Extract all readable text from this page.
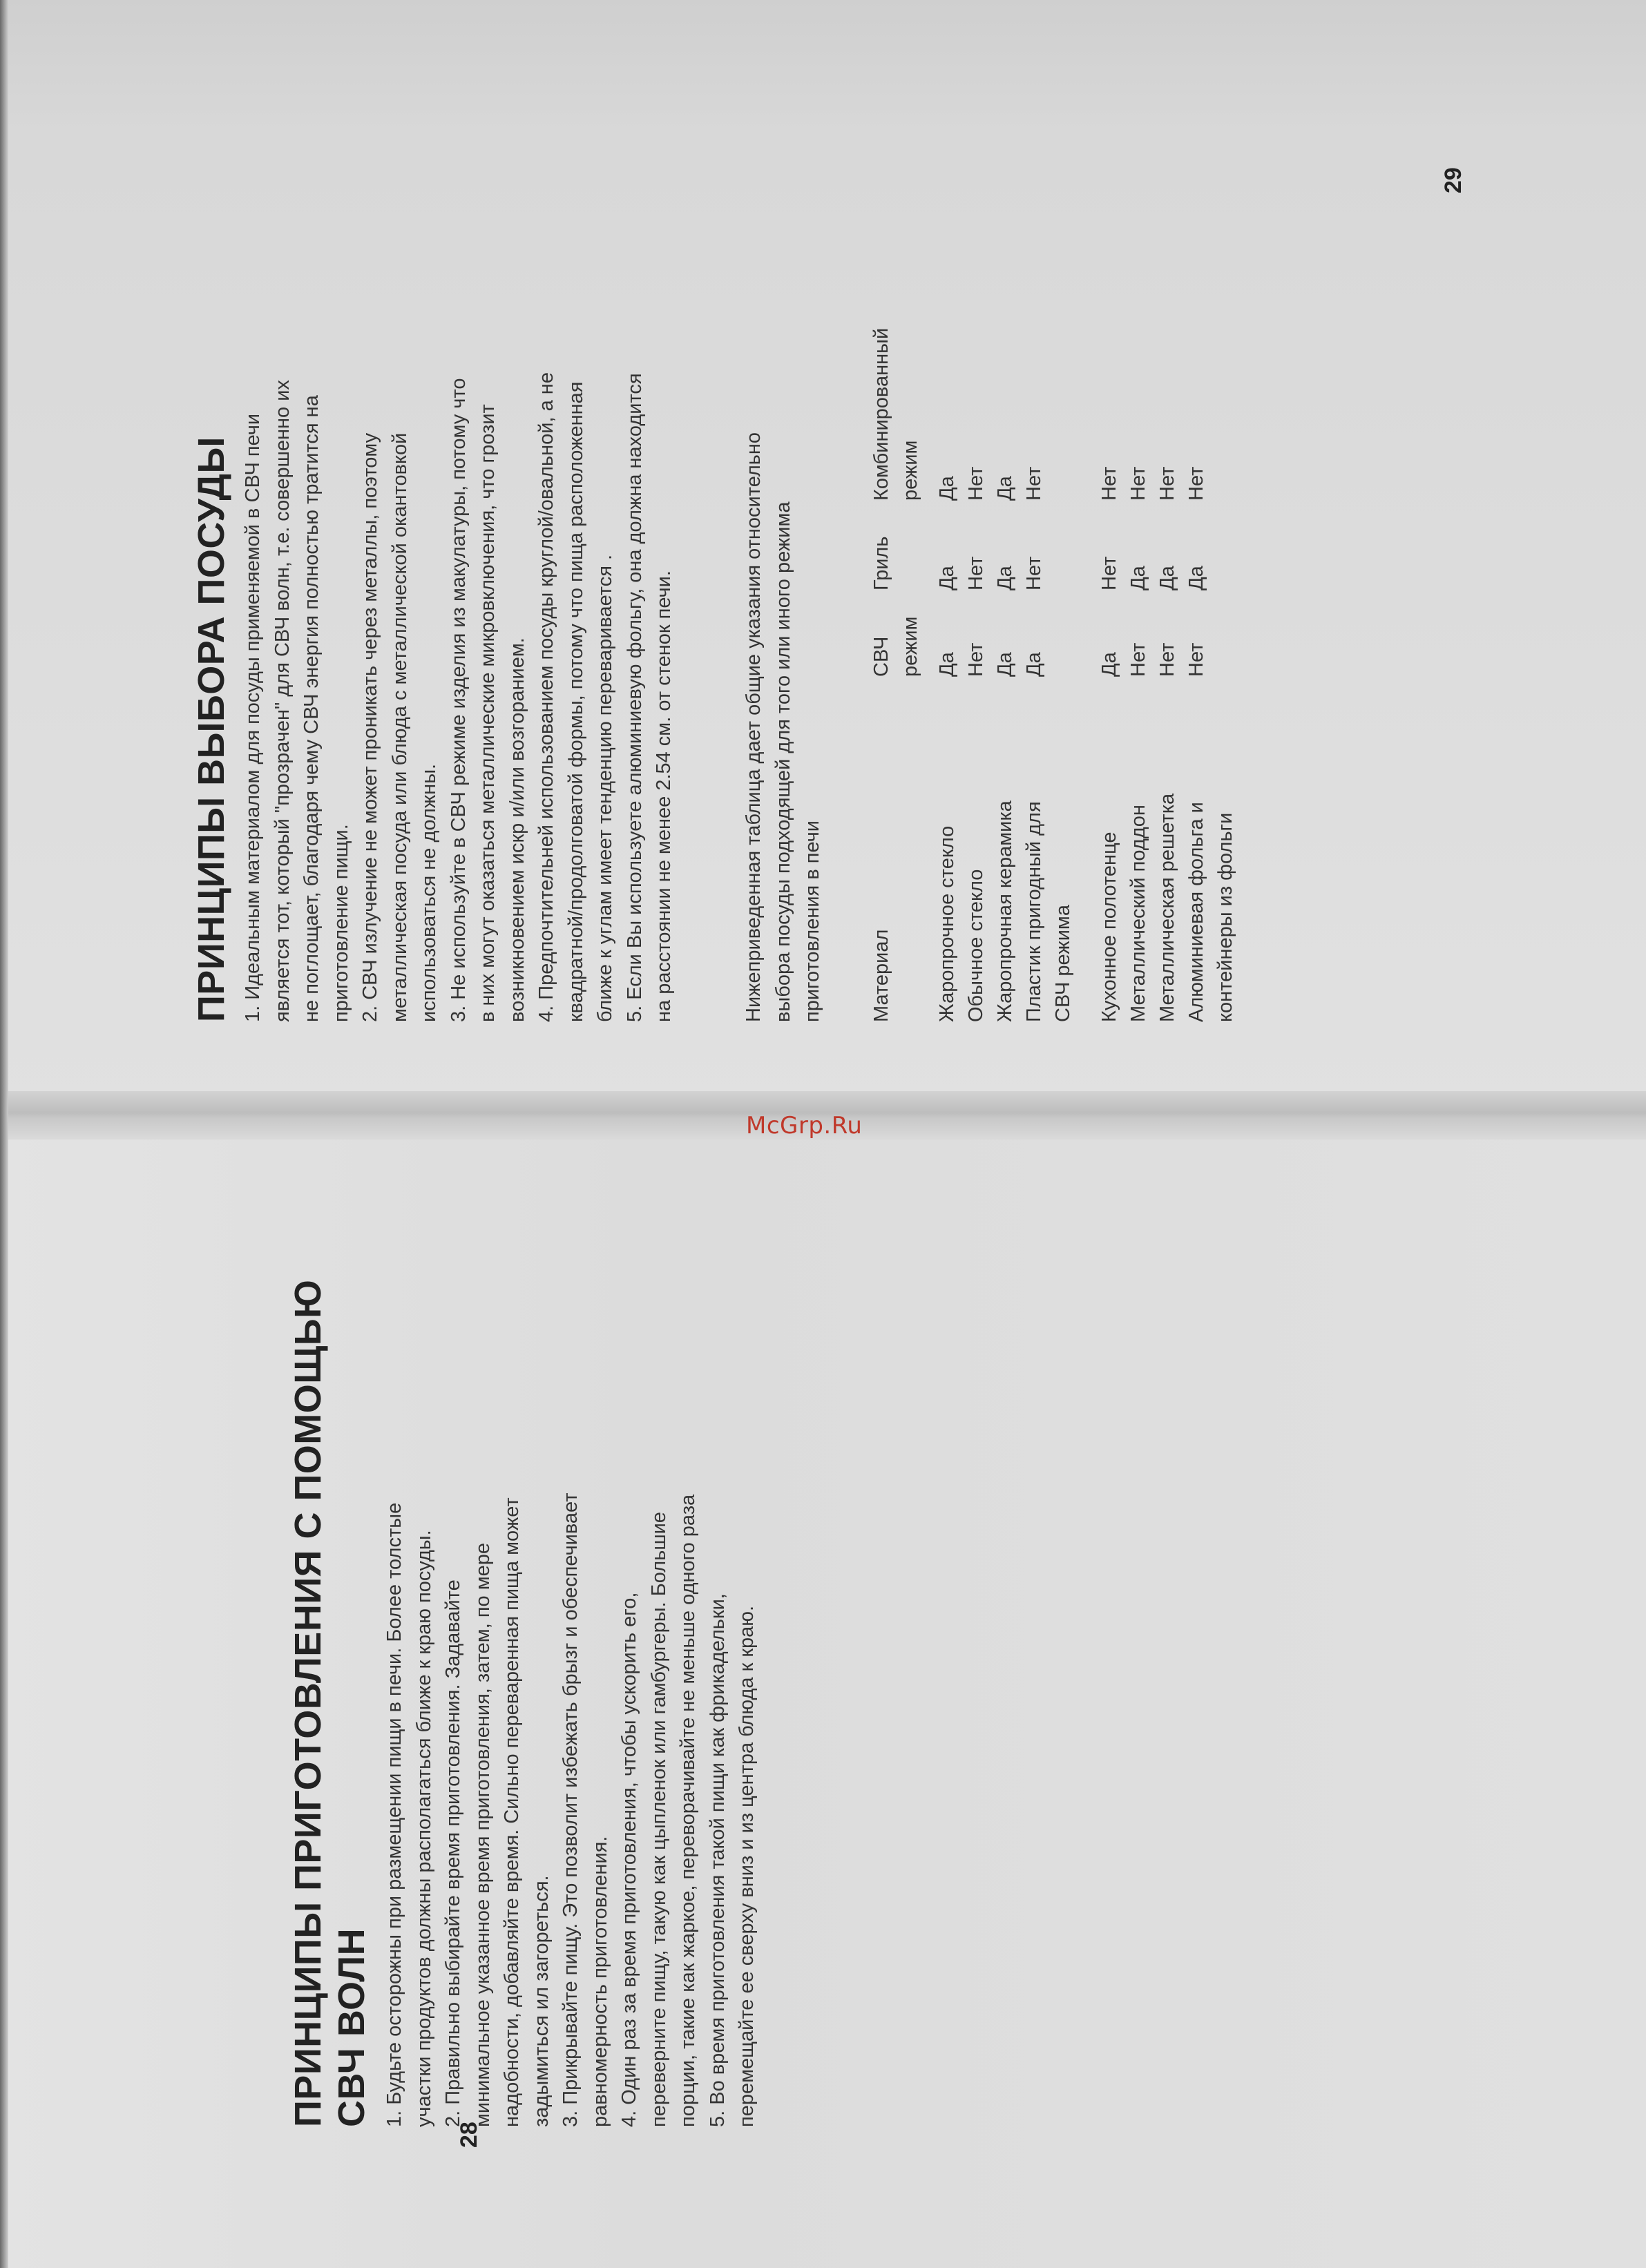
ПРИНЦИПЫ ВЫБОРА ПОСУДЫ 1. Идеальным материалом для посуды применяемой в СВЧ печи является тот, который "прозрачен" для СВЧ волн, т.е. совершенно их не поглощает, благодаря чему СВЧ энергия полностью тратится на приготовление пищи. 2. СВЧ излучение не может проникать через металлы, поэтому металлическая посуда или блюда с металлической окантовкой использоваться не должны. 3. Не используйте в СВЧ режиме изделия из макулатуры, потому что в них могут оказаться металлические микровключения, что грозит возникновением искр и/или возгоранием. 4. Предпочтительней использованием посуды круглой/овальной, а не квадратной/продолговатой формы, потому что пища расположенная ближе к углам имеет тенденцию переваривается . 5. Если Вы используете алюминиевую фольгу, она должна находится на расстоянии не менее 2.54 см. от стенок печи.	Нижеприведенная таблица дает общие указания относительно выбора посуды подходящей для того или иного режима приготовления в печи Материал
СВЧ режим
Гриль
Комбинированный режим
Жаропрочное стекло
Да
Да
Да
Обычное стекло
Нет
Нет
Нет
Жаропрочная керамика
Да
Да
Да
Пластик пригодный для
Да
Нет
Нет
СВЧ режима Кухонное полотенце
Да
Нет
Нет
Металлический поддон
Нет
Да
Нет
Металлическая решетка
Нет
Да
Нет
Алюминиевая фольга и
Нет
Да
Нет
контейнеры из фольги
29
ПРИНЦИПЫ ПРИГОТОВЛЕНИЯ С ПОМОЩЬЮ СВЧ ВОЛН 1. Будьте осторожны при размещении пищи в печи. Более толстые участки продуктов должны располагаться ближе к краю посуды. 2. Правильно выбирайте время приготовления. Задавайте минимальное указанное время приготовления, затем, по мере надобности, добавляйте время. Сильно переваренная пища может задымиться ил загореться. 3. Прикрывайте пищу. Это позволит избежать брызг и обеспечивает равномерность приготовления. 4. Один раз за время приготовления, чтобы ускорить его, переверните пищу, такую как цыпленок или гамбургеры. Большие порции, такие как жаркое, переворачивайте не меньше одного раза 5. Во время приготовления такой пищи как фрикадельки, перемещайте ее сверху вниз и из центра блюда к краю.
28
McGrp.Ru
